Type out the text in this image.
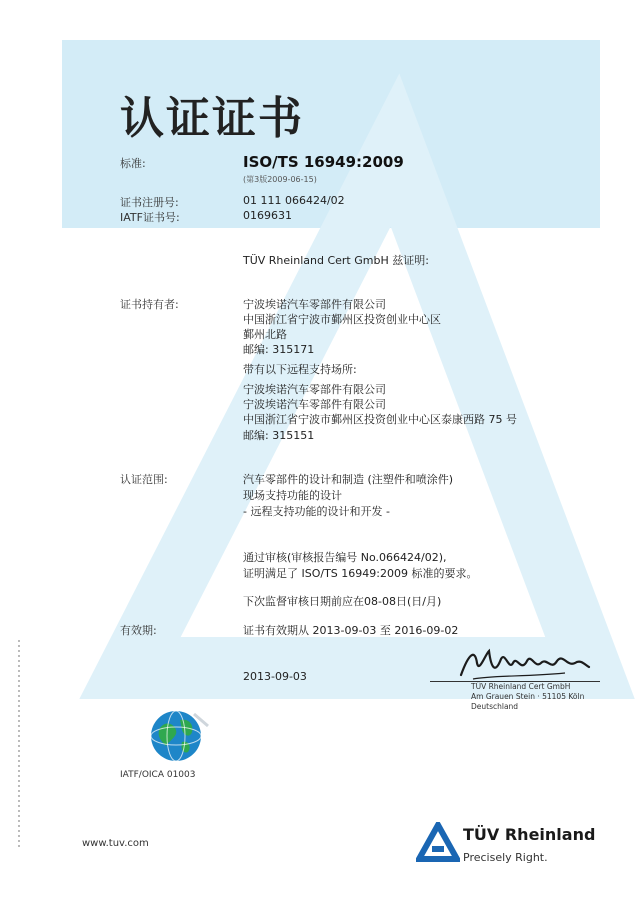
认证证书
标准:	ISO/TS 16949:2009
(第3版2009-06-15)
证书注册号:	01 111 066424/02
IATF证书号:	0169631
TÜV Rheinland Cert GmbH 兹证明:
证书持有者:	宁波埃诺汽车零部件有限公司
中国浙江省宁波市鄞州区投资创业中心区
鄞州北路
邮编: 315171
带有以下远程支持场所:
宁波埃诺汽车零部件有限公司
宁波埃诺汽车零部件有限公司
中国浙江省宁波市鄞州区投资创业中心区泰康西路 75 号
邮编: 315151
认证范围:	汽车零部件的设计和制造 (注塑件和喷涂件)
现场支持功能的设计
- 远程支持功能的设计和开发 -
通过审核(审核报告编号 No.066424/02),
证明满足了 ISO/TS 16949:2009 标准的要求。
下次监督审核日期前应在08-08日(日/月)
有效期:	证书有效期从 2013-09-03 至 2016-09-02
2013-09-03
TÜV Rheinland Cert GmbH
Am Grauen Stein · 51105 Köln
Deutschland
IATF/OICA 01003
www.tuv.com	TÜV Rheinland
Precisely Right.
